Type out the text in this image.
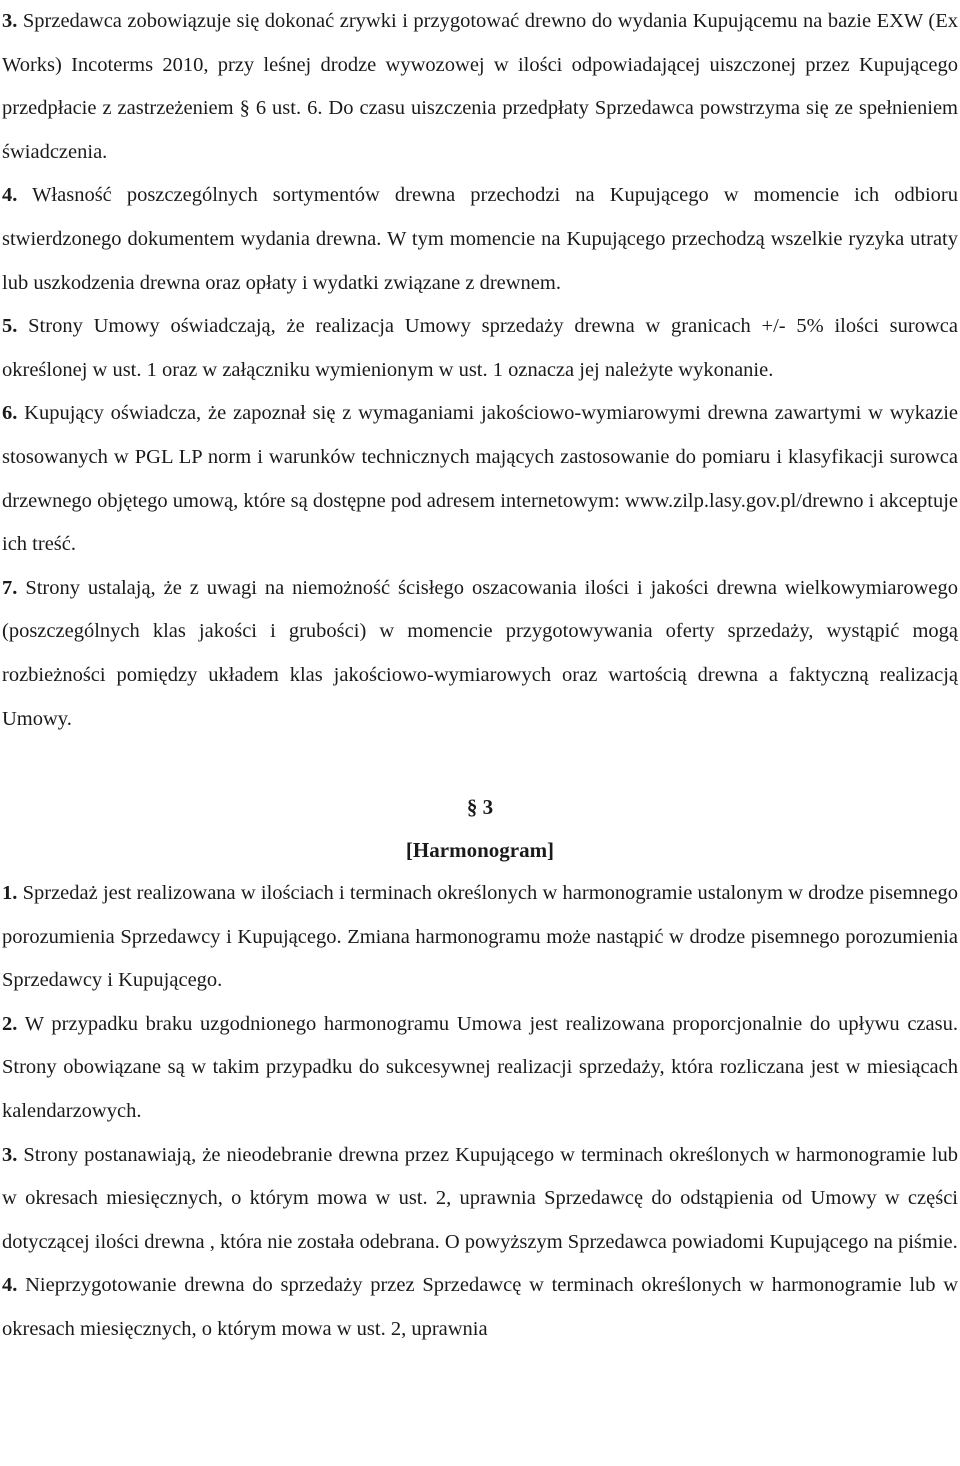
3. Sprzedawca zobowiązuje się dokonać zrywki i przygotować drewno do wydania Kupującemu na bazie EXW (Ex Works) Incoterms 2010, przy leśnej drodze wywozowej w ilości odpowiadającej uiszczonej przez Kupującego przedpłacie z zastrzeżeniem § 6 ust. 6. Do czasu uiszczenia przedpłaty Sprzedawca powstrzyma się ze spełnieniem świadczenia.

4. Własność poszczególnych sortymentów drewna przechodzi na Kupującego w momencie ich odbioru stwierdzonego dokumentem wydania drewna. W tym momencie na Kupującego przechodzą wszelkie ryzyka utraty lub uszkodzenia drewna oraz opłaty i wydatki związane z drewnem.

5. Strony Umowy oświadczają, że realizacja Umowy sprzedaży drewna w granicach +/- 5% ilości surowca określonej w ust. 1 oraz w załączniku wymienionym w ust. 1 oznacza jej należyte wykonanie.

6. Kupujący oświadcza, że zapoznał się z wymaganiami jakościowo-wymiarowymi drewna zawartymi w wykazie stosowanych w PGL LP norm i warunków technicznych mających zastosowanie do pomiaru i klasyfikacji surowca drzewnego objętego umową, które są dostępne pod adresem internetowym: www.zilp.lasy.gov.pl/drewno i akceptuje ich treść.

7. Strony ustalają, że z uwagi na niemożność ścisłego oszacowania ilości i jakości drewna wielkowymiarowego (poszczególnych klas jakości i grubości) w momencie przygotowywania oferty sprzedaży, wystąpić mogą rozbieżności pomiędzy układem klas jakościowo-wymiarowych oraz wartością drewna a faktyczną realizacją Umowy.

§ 3

[Harmonogram]

1. Sprzedaż jest realizowana w ilościach i terminach określonych w harmonogramie ustalonym w drodze pisemnego porozumienia Sprzedawcy i Kupującego. Zmiana harmonogramu może nastąpić w drodze pisemnego porozumienia Sprzedawcy i Kupującego.

2. W przypadku braku uzgodnionego harmonogramu Umowa jest realizowana proporcjonalnie do upływu czasu. Strony obowiązane są w takim przypadku do sukcesywnej realizacji sprzedaży, która rozliczana jest w miesiącach kalendarzowych.

3. Strony postanawiają, że nieodebranie drewna przez Kupującego w terminach określonych w harmonogramie lub w okresach miesięcznych, o którym mowa w ust. 2, uprawnia Sprzedawcę do odstąpienia od Umowy w części dotyczącej ilości drewna , która nie została odebrana. O powyższym Sprzedawca powiadomi Kupującego na piśmie.

4. Nieprzygotowanie drewna do sprzedaży przez Sprzedawcę w terminach określonych w harmonogramie lub w okresach miesięcznych, o którym mowa w ust. 2, uprawnia
